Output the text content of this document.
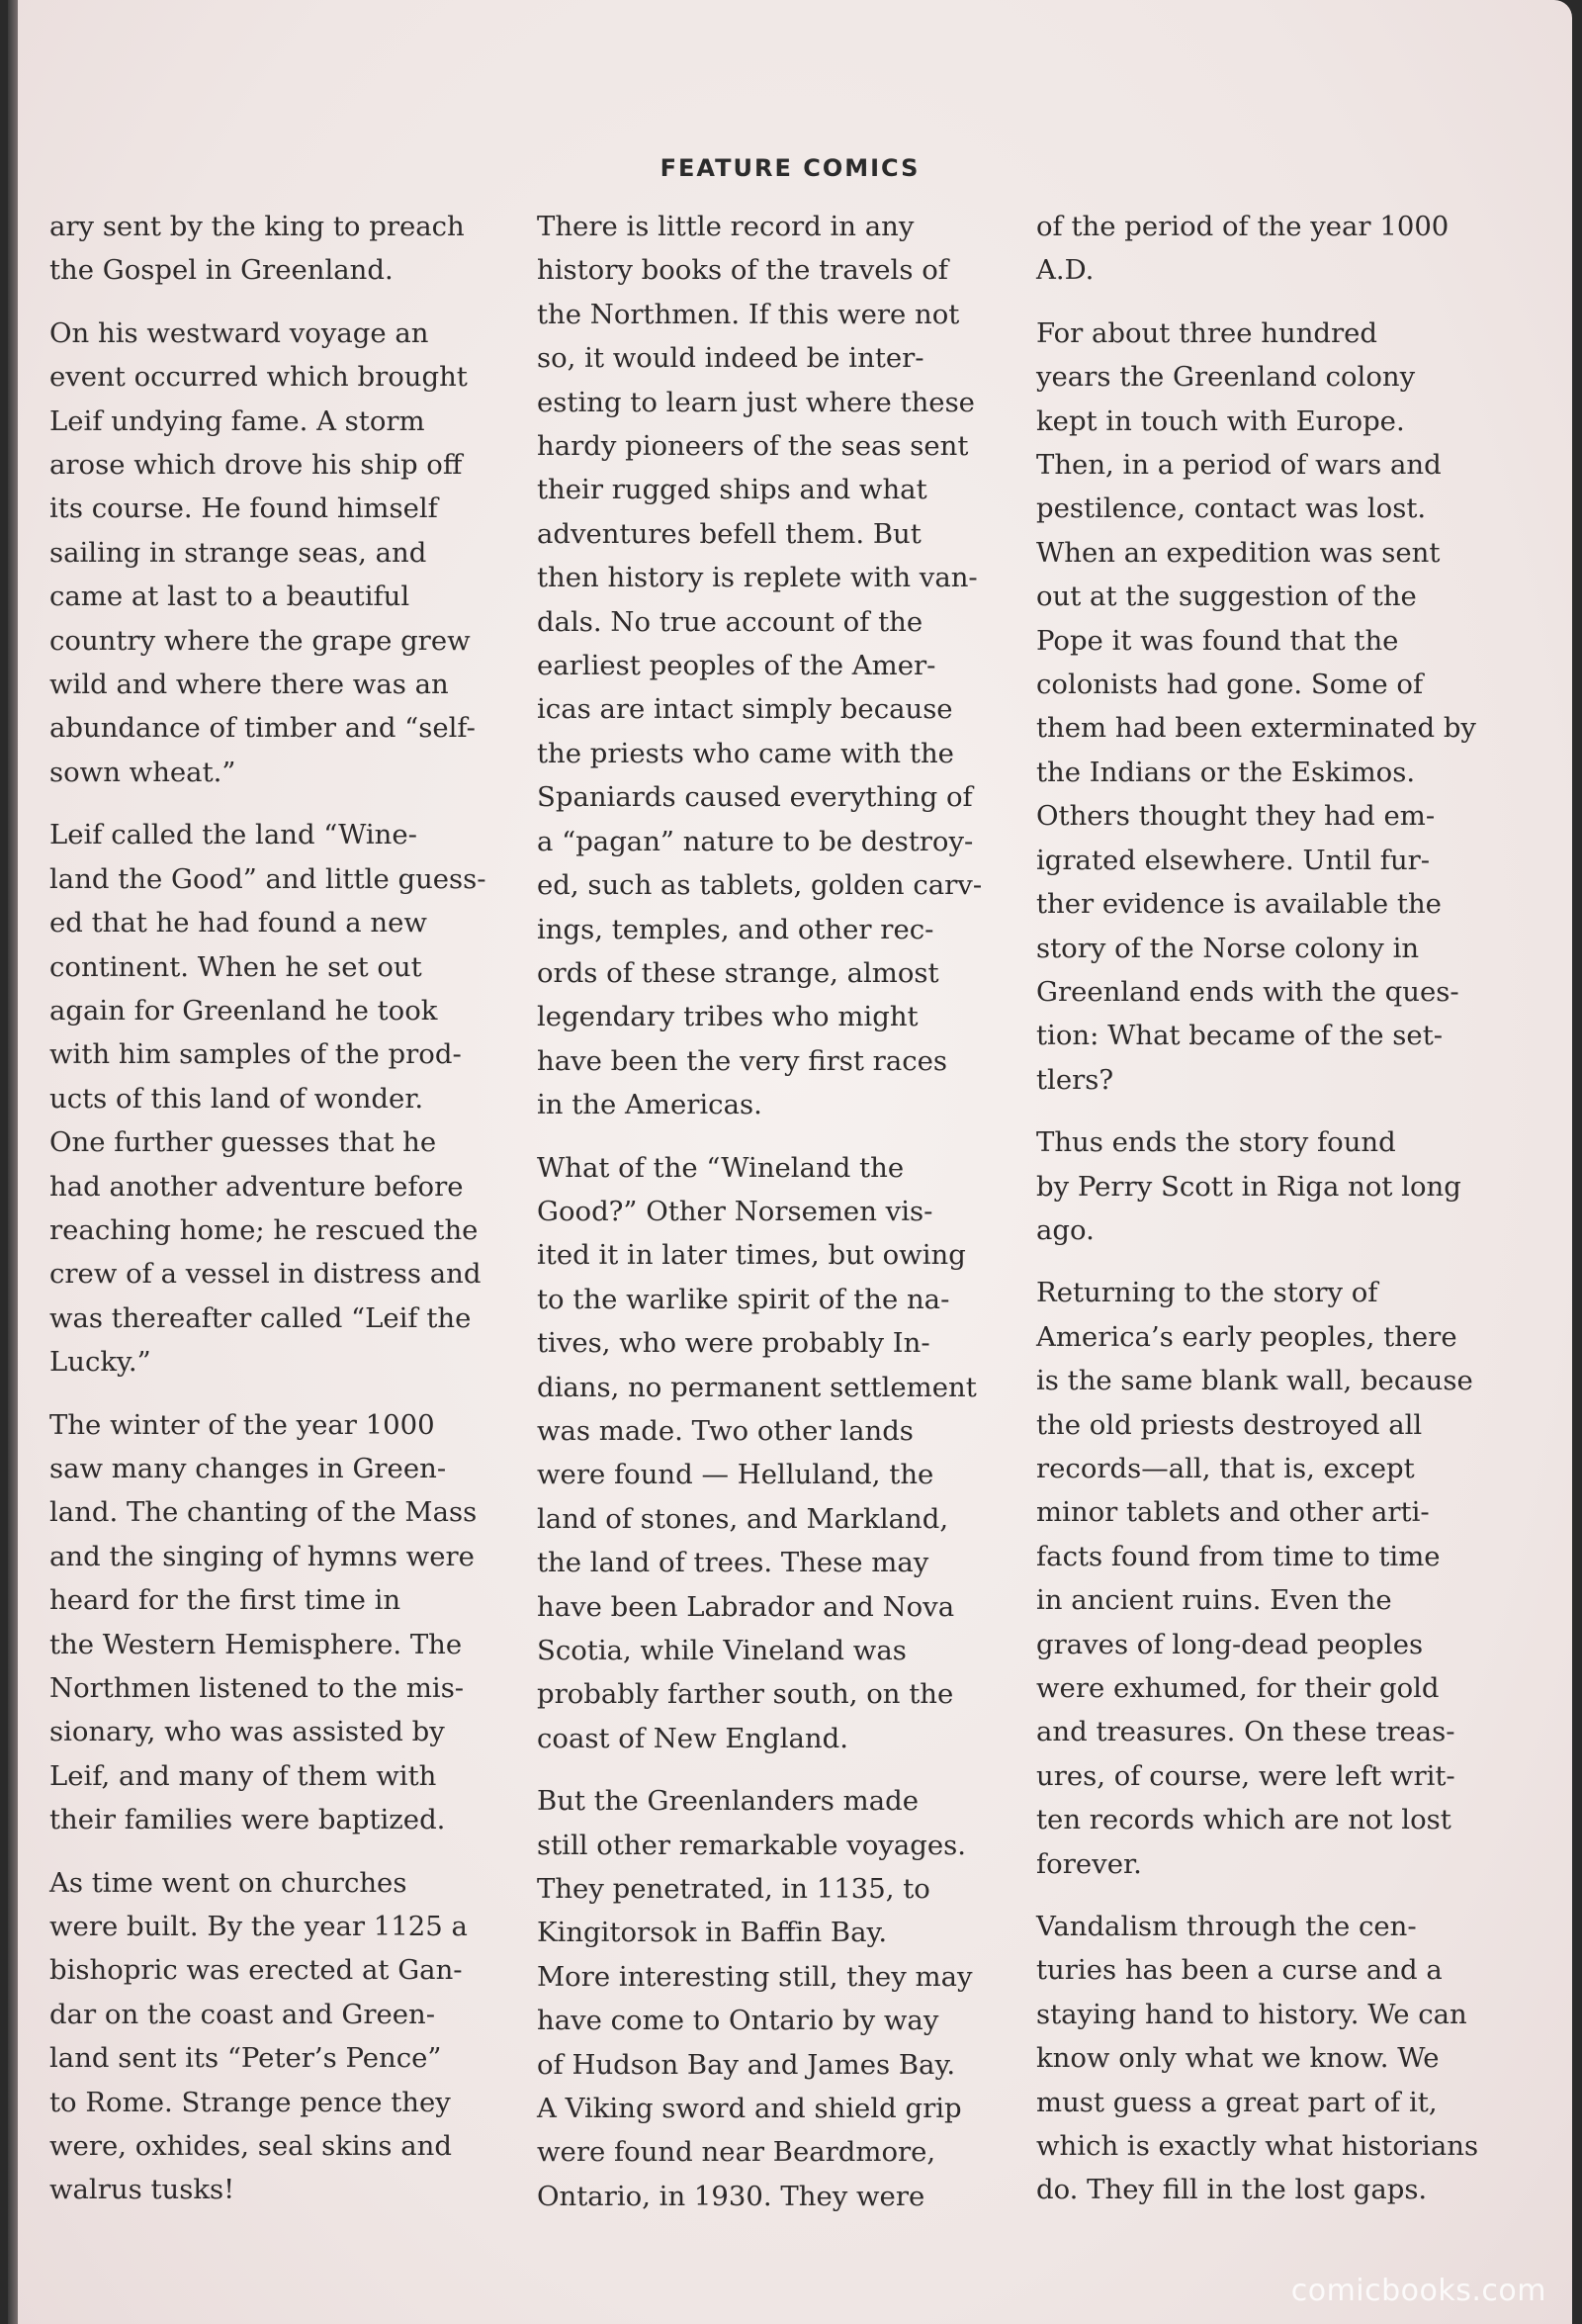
FEATURE COMICS

ary sent by the king to preach
the Gospel in Greenland.

On his westward voyage an
event occurred which brought
Leif undying fame. A storm
arose which drove his ship off
its course. He found himself
sailing in strange seas, and
came at last to a beautiful
country where the grape grew
wild and where there was an
abundance of timber and “self-
sown wheat.”

Leif called the land “Wine-
land the Good” and little guess-
ed that he had found a new
continent. When he set out
again for Greenland he took
with him samples of the prod-
ucts of this land of wonder.
One further guesses that he
had another adventure before
reaching home; he rescued the
crew of a vessel in distress and
was thereafter called “Leif the
Lucky.”

The winter of the year 1000
saw many changes in Green-
land. The chanting of the Mass
and the singing of hymns were
heard for the first time in
the Western Hemisphere. The
Northmen listened to the mis-
sionary, who was assisted by
Leif, and many of them with
their families were baptized.

As time went on churches
were built. By the year 1125 a
bishopric was erected at Gan-
dar on the coast and Green-
land sent its “Peter’s Pence”
to Rome. Strange pence they
were, oxhides, seal skins and
walrus tusks!

There is little record in any
history books of the travels of
the Northmen. If this were not
so, it would indeed be inter-
esting to learn just where these
hardy pioneers of the seas sent
their rugged ships and what
adventures befell them. But
then history is replete with van-
dals. No true account of the
earliest peoples of the Amer-
icas are intact simply because
the priests who came with the
Spaniards caused everything of
a “pagan” nature to be destroy-
ed, such as tablets, golden carv-
ings, temples, and other rec-
ords of these strange, almost
legendary tribes who might
have been the very first races
in the Americas.

What of the “Wineland the
Good?” Other Norsemen vis-
ited it in later times, but owing
to the warlike spirit of the na-
tives, who were probably In-
dians, no permanent settlement
was made. Two other lands
were found — Helluland, the
land of stones, and Markland,
the land of trees. These may
have been Labrador and Nova
Scotia, while Vineland was
probably farther south, on the
coast of New England.

But the Greenlanders made
still other remarkable voyages.
They penetrated, in 1135, to
Kingitorsok in Baffin Bay.
More interesting still, they may
have come to Ontario by way
of Hudson Bay and James Bay.
A Viking sword and shield grip
were found near Beardmore,
Ontario, in 1930. They were

of the period of the year 1000
A.D.

For about three hundred
years the Greenland colony
kept in touch with Europe.
Then, in a period of wars and
pestilence, contact was lost.
When an expedition was sent
out at the suggestion of the
Pope it was found that the
colonists had gone. Some of
them had been exterminated by
the Indians or the Eskimos.
Others thought they had em-
igrated elsewhere. Until fur-
ther evidence is available the
story of the Norse colony in
Greenland ends with the ques-
tion: What became of the set-
tlers?

Thus ends the story found
by Perry Scott in Riga not long
ago.

Returning to the story of
America’s early peoples, there
is the same blank wall, because
the old priests destroyed all
records—all, that is, except
minor tablets and other arti-
facts found from time to time
in ancient ruins. Even the
graves of long-dead peoples
were exhumed, for their gold
and treasures. On these treas-
ures, of course, were left writ-
ten records which are not lost
forever.

Vandalism through the cen-
turies has been a curse and a
staying hand to history. We can
know only what we know. We
must guess a great part of it,
which is exactly what historians
do. They fill in the lost gaps.

comicbooks.com
